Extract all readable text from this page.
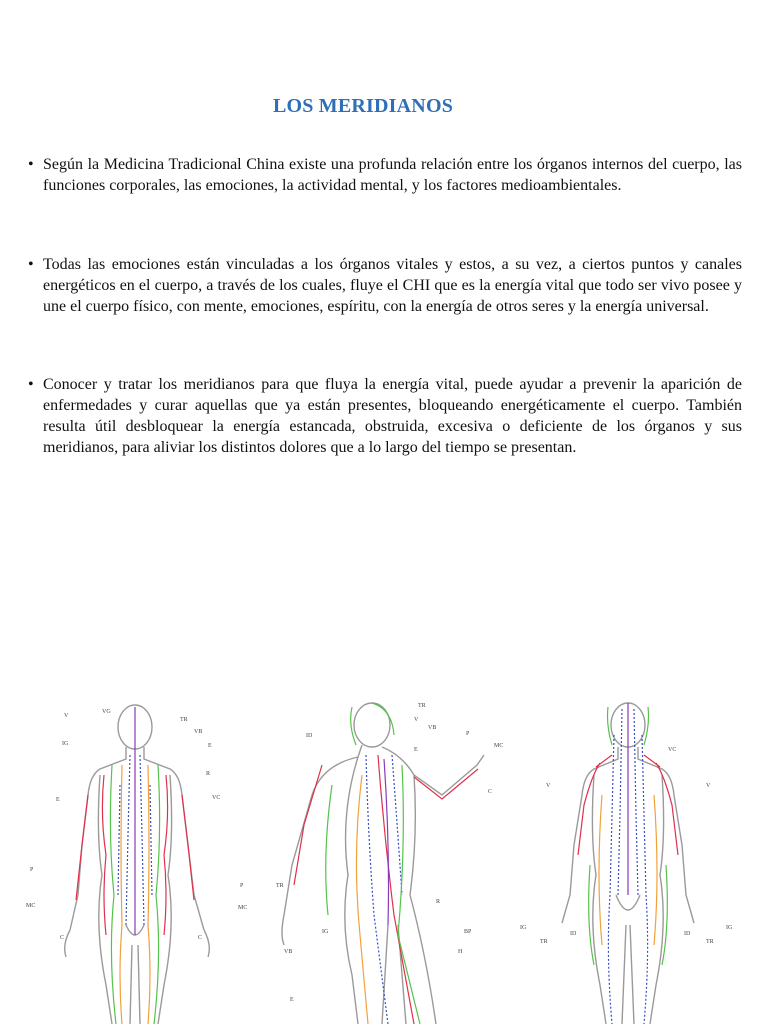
LOS MERIDIANOS
• Según la Medicina Tradicional China existe una profunda relación entre los órganos internos del cuerpo, las funciones corporales, las emociones, la actividad mental, y los factores medioambientales.
• Todas las emociones están vinculadas a los órganos vitales y estos, a su vez, a ciertos puntos y canales energéticos en el cuerpo, a través de los cuales, fluye el CHI que es la energía vital que todo ser vivo posee y une el cuerpo físico, con mente, emociones, espíritu, con la energía de otros seres y la energía universal.
• Conocer y tratar los meridianos para que fluya la energía vital, puede ayudar a prevenir la aparición de enfermedades y curar aquellas que ya están presentes, bloqueando energéticamente el cuerpo. También resulta útil desbloquear la energía estancada, obstruida, excesiva o deficiente de los órganos y sus meridianos, para aliviar los distintos dolores que a lo largo del tiempo se presentan.
V
VG
TR
VB
E
IG
R
E	VC
P
P
MC	MC
C	C
TR
V
VB
ID
E
P
MC
C
TR
R
IG	BP
VB	H
E
VC
V	V
IG
ID
TR
ID
TR
IG
